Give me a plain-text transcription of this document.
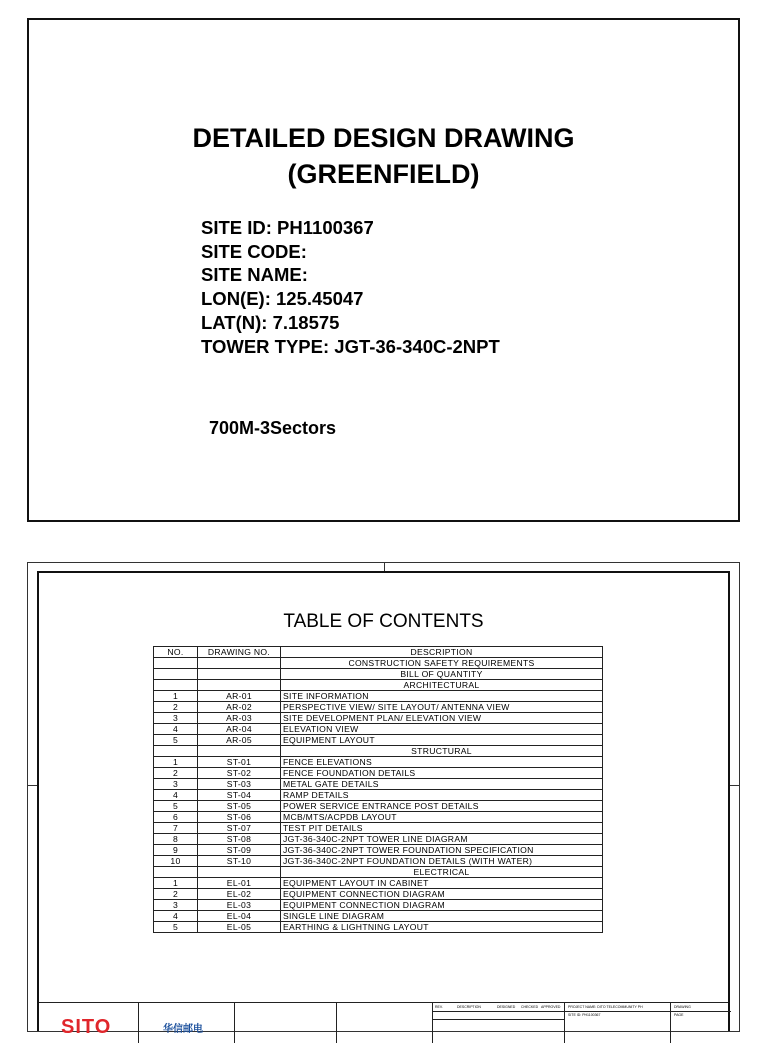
DETAILED DESIGN DRAWING
(GREENFIELD)
SITE ID: PH1100367
SITE CODE:
SITE NAME:
LON(E): 125.45047
LAT(N): 7.18575
TOWER TYPE: JGT-36-340C-2NPT
700M-3Sectors
TABLE OF CONTENTS
NO.	DRAWING NO.	DESCRIPTION
		CONSTRUCTION SAFETY REQUIREMENTS
		BILL OF QUANTITY
		ARCHITECTURAL
1	AR-01	SITE INFORMATION
2	AR-02	PERSPECTIVE VIEW/ SITE LAYOUT/ ANTENNA VIEW
3	AR-03	SITE DEVELOPMENT PLAN/ ELEVATION VIEW
4	AR-04	ELEVATION VIEW
5	AR-05	EQUIPMENT LAYOUT
		STRUCTURAL
1	ST-01	FENCE ELEVATIONS
2	ST-02	FENCE FOUNDATION DETAILS
3	ST-03	METAL GATE DETAILS
4	ST-04	RAMP DETAILS
5	ST-05	POWER SERVICE ENTRANCE POST DETAILS
6	ST-06	MCB/MTS/ACPDB LAYOUT
7	ST-07	TEST PIT DETAILS
8	ST-08	JGT-36-340C-2NPT TOWER LINE DIAGRAM
9	ST-09	JGT-36-340C-2NPT TOWER FOUNDATION SPECIFICATION
10	ST-10	JGT-36-340C-2NPT FOUNDATION DETAILS (WITH WATER)
		ELECTRICAL
1	EL-01	EQUIPMENT LAYOUT IN CABINET
2	EL-02	EQUIPMENT CONNECTION DIAGRAM
3	EL-03	EQUIPMENT CONNECTION DIAGRAM
4	EL-04	SINGLE LINE DIAGRAM
5	EL-05	EARTHING & LIGHTNING LAYOUT
SITO	华信邮电
REV.	DESCRIPTION	DESIGNED CHECKED APPROVED PROJECT NAME: DITO TELECOMMUNITY PH
SITE ID: PH1100367
DRAWING
PAGE
